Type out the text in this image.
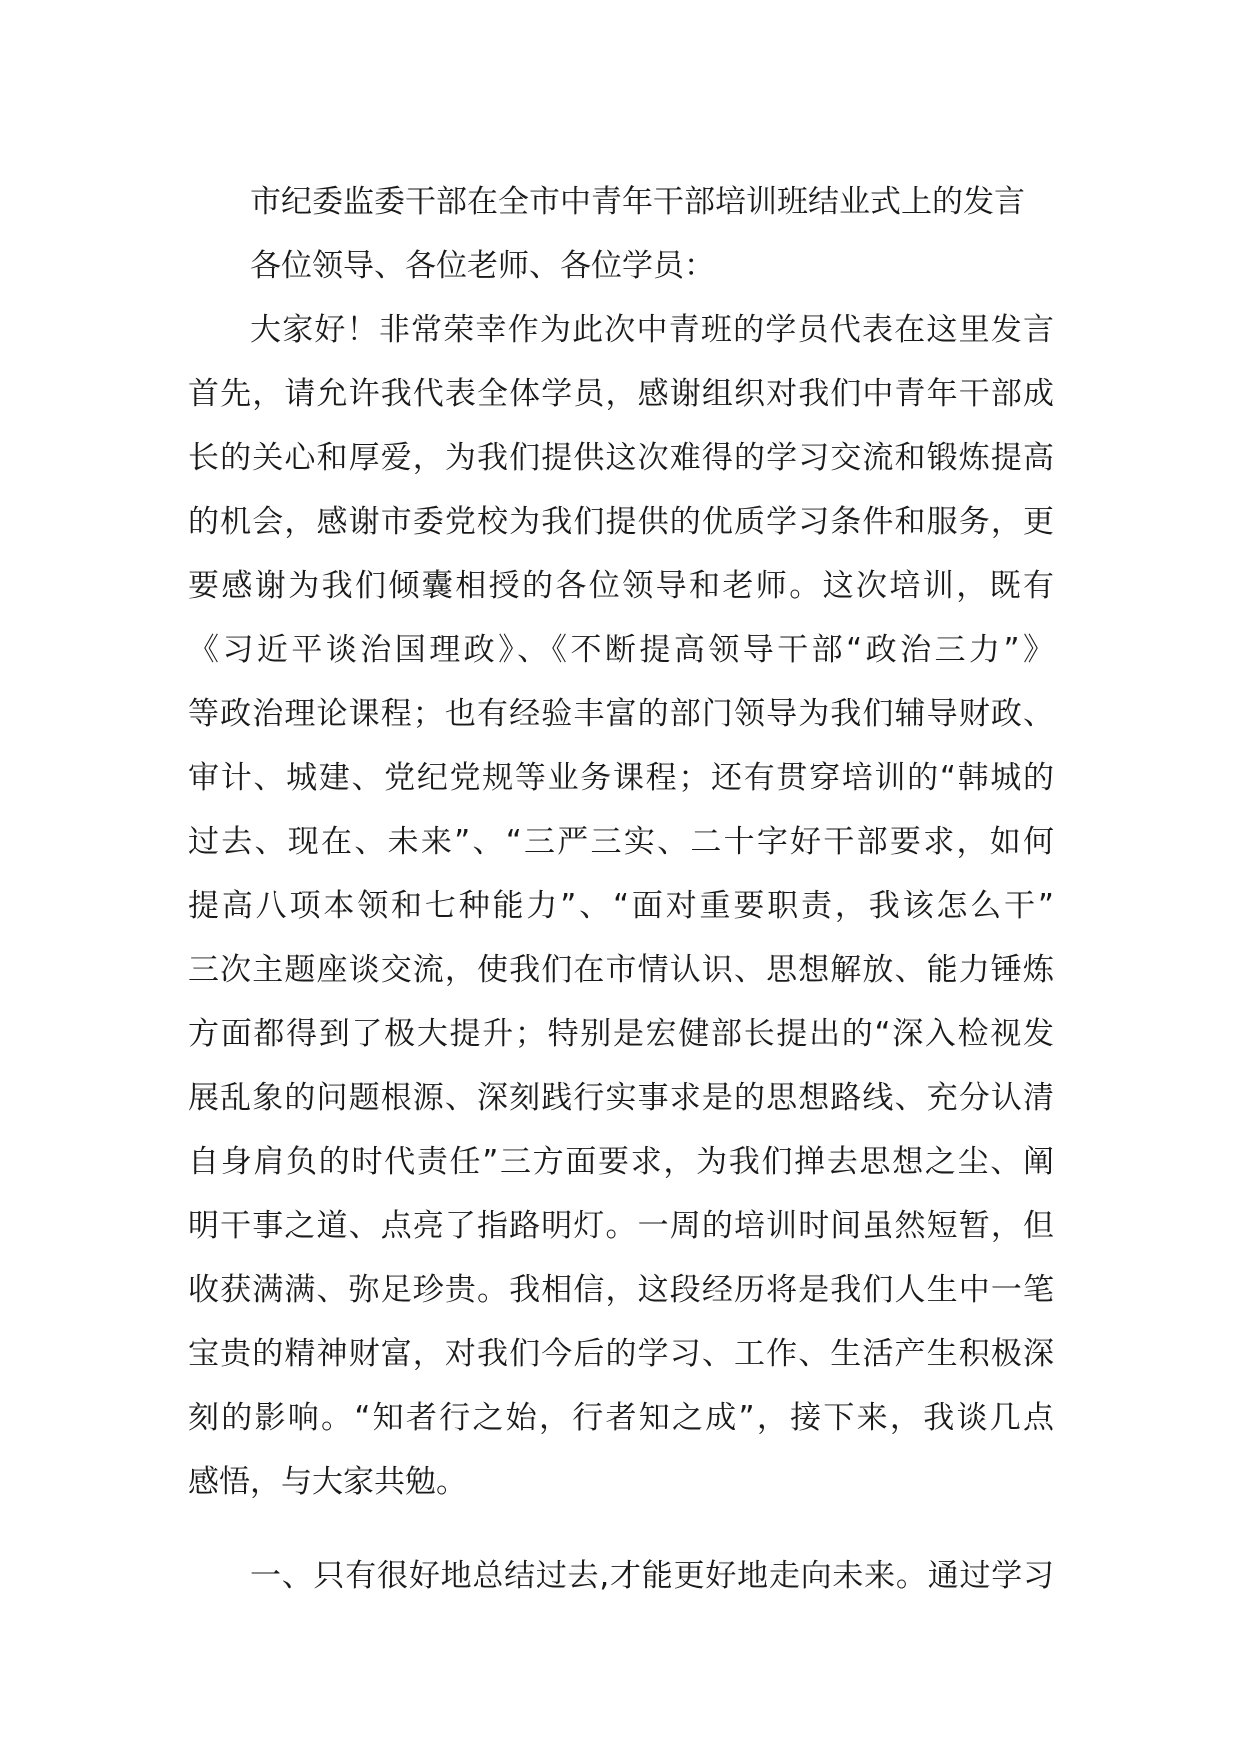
市纪委监委干部在全市中青年干部培训班结业式上的发言
各位领导、各位老师、各位学员：
大家好！非常荣幸作为此次中青班的学员代表在这里发言
首先，请允许我代表全体学员，感谢组织对我们中青年干部成
长的关心和厚爱，为我们提供这次难得的学习交流和锻炼提高
的机会，感谢市委党校为我们提供的优质学习条件和服务，更
要感谢为我们倾囊相授的各位领导和老师。这次培训，既有
《习近平谈治国理政》、《不断提高领导干部“政治三力”》
等政治理论课程；也有经验丰富的部门领导为我们辅导财政、
审计、城建、党纪党规等业务课程；还有贯穿培训的“韩城的
过去、现在、未来”、“三严三实、二十字好干部要求，如何
提高八项本领和七种能力”、“面对重要职责，我该怎么干”
三次主题座谈交流，使我们在市情认识、思想解放、能力锤炼
方面都得到了极大提升；特别是宏健部长提出的“深入检视发
展乱象的问题根源、深刻践行实事求是的思想路线、充分认清
自身肩负的时代责任”三方面要求，为我们掸去思想之尘、阐
明干事之道、点亮了指路明灯。一周的培训时间虽然短暂，但
收获满满、弥足珍贵。我相信，这段经历将是我们人生中一笔
宝贵的精神财富，对我们今后的学习、工作、生活产生积极深
刻的影响。“知者行之始，行者知之成”，接下来，我谈几点
感悟，与大家共勉。
一、只有很好地总结过去,才能更好地走向未来。通过学习
